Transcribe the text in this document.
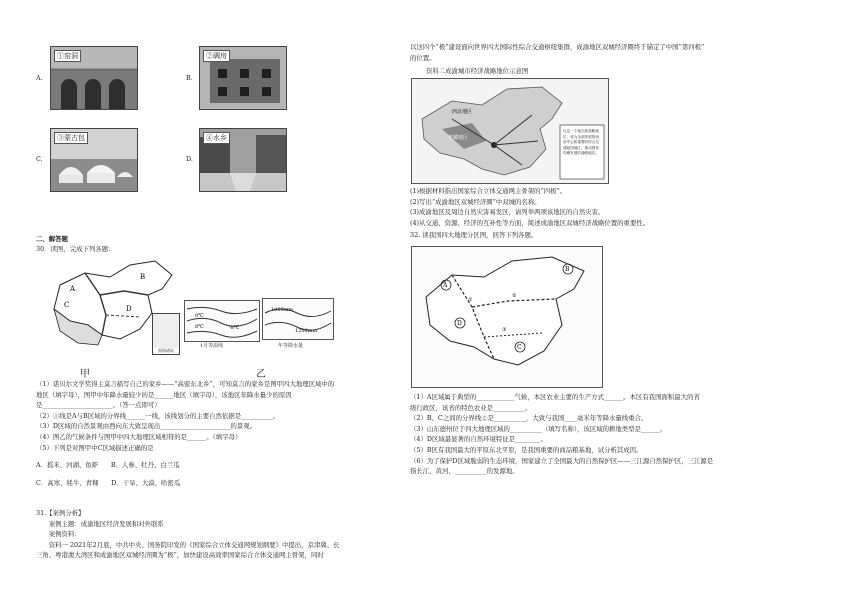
A.
①窑洞
B.
②碉房
C.
③蒙古包
D.
④水乡
二、解答题
30．读图，完成下列各题：
A
B
C	D
南海诸岛
甲
0℃
8℃	-8℃
1月等温线
1000mm
1200mm
年等降水量
乙
（1）诺贝尔文学奖得主莫言描写自己的家乡——“高密东北乡”，可知莫言的家乡是图甲四大地理区域中的
地区（填字母），图甲中年降水量较少的是______地区（填字母），该地区年降水量少的原因
是______________________。（答一点即可）
（2）①线是A与B区域的分界线______一线，该线划分的主要自然依据是__________。
（3）D区域的自然景观由西向东大致呈现出______________________的景观。
（4）图乙的气候条件与图甲中四大地理区域相符的是______。（填字母）
（5）下列是对图甲中C区域描述正确的是
A．摇米、河湖、鱼虾　　B．人参、牡丹、白兰瓜
C．高寒、牦牛、青稞　　D．干旱、大漠、哈密瓜
31.【案例分析】
　　案例主题：成渝地区经济发展和对外联系
　　案例资料：
　　资料一 2021年2月底，中共中央、国务院印发的《国家综合立体交通网规划纲要》中提出，京津冀、长
三角、粤港澳大湾区和成渝地区双城经济圈为“极”，加快建设高效率国家综合立体交通网主骨架，同时
以这四个“极”建设面向世界四大国际性综合交通枢纽集群，成渝地区双城经济圈终于锚定了中国“第四极”
的位置。
资料二成渝城市经济战略地位示意图
青藏地区
西北地区
以这一个地区新战略地位，成为全面发展的西部中心和重要的综合交通枢纽地区，推动国家均衡发展的战略地位。
(1)根据材料指出国家综合立体交通网主骨架的“四极”。
(2)写出“成渝地区双城经济圈”中双城的名称。
(3)成渝地区及周边自然灾害易发区，请列举两项该地区的自然灾害。
(4)从交通、资源、经济的互补性等方面，简述成渝地区双城经济战略位置的重要性。
32. 读我国四大地理分区图，回答下列各题。
A
B
C
D
①
②
③
（1）A区域属于典型的____________气候，本区农业主要的生产方式______。本区有我国面积最大的省
级行政区，该省的特色农业是__________。
（2）B、C之间的分界线②是__________，大致与我国____毫米年等降水量线重合。
（3）山东德州位于四大地理区域的__________（填写名称），该区域的耕地类型是______。
（4）D区域最显著的自然环境特征是________。
（5）B区有我国最大的平原东北平原，是我国重要的商品粮基地，试分析其成因。
（6）为了保护D区域脆弱的生态环境，国家建立了全国最大的自然保护区——三江源自然保护区，三江源是
指长江、黄河、__________的发源地。
